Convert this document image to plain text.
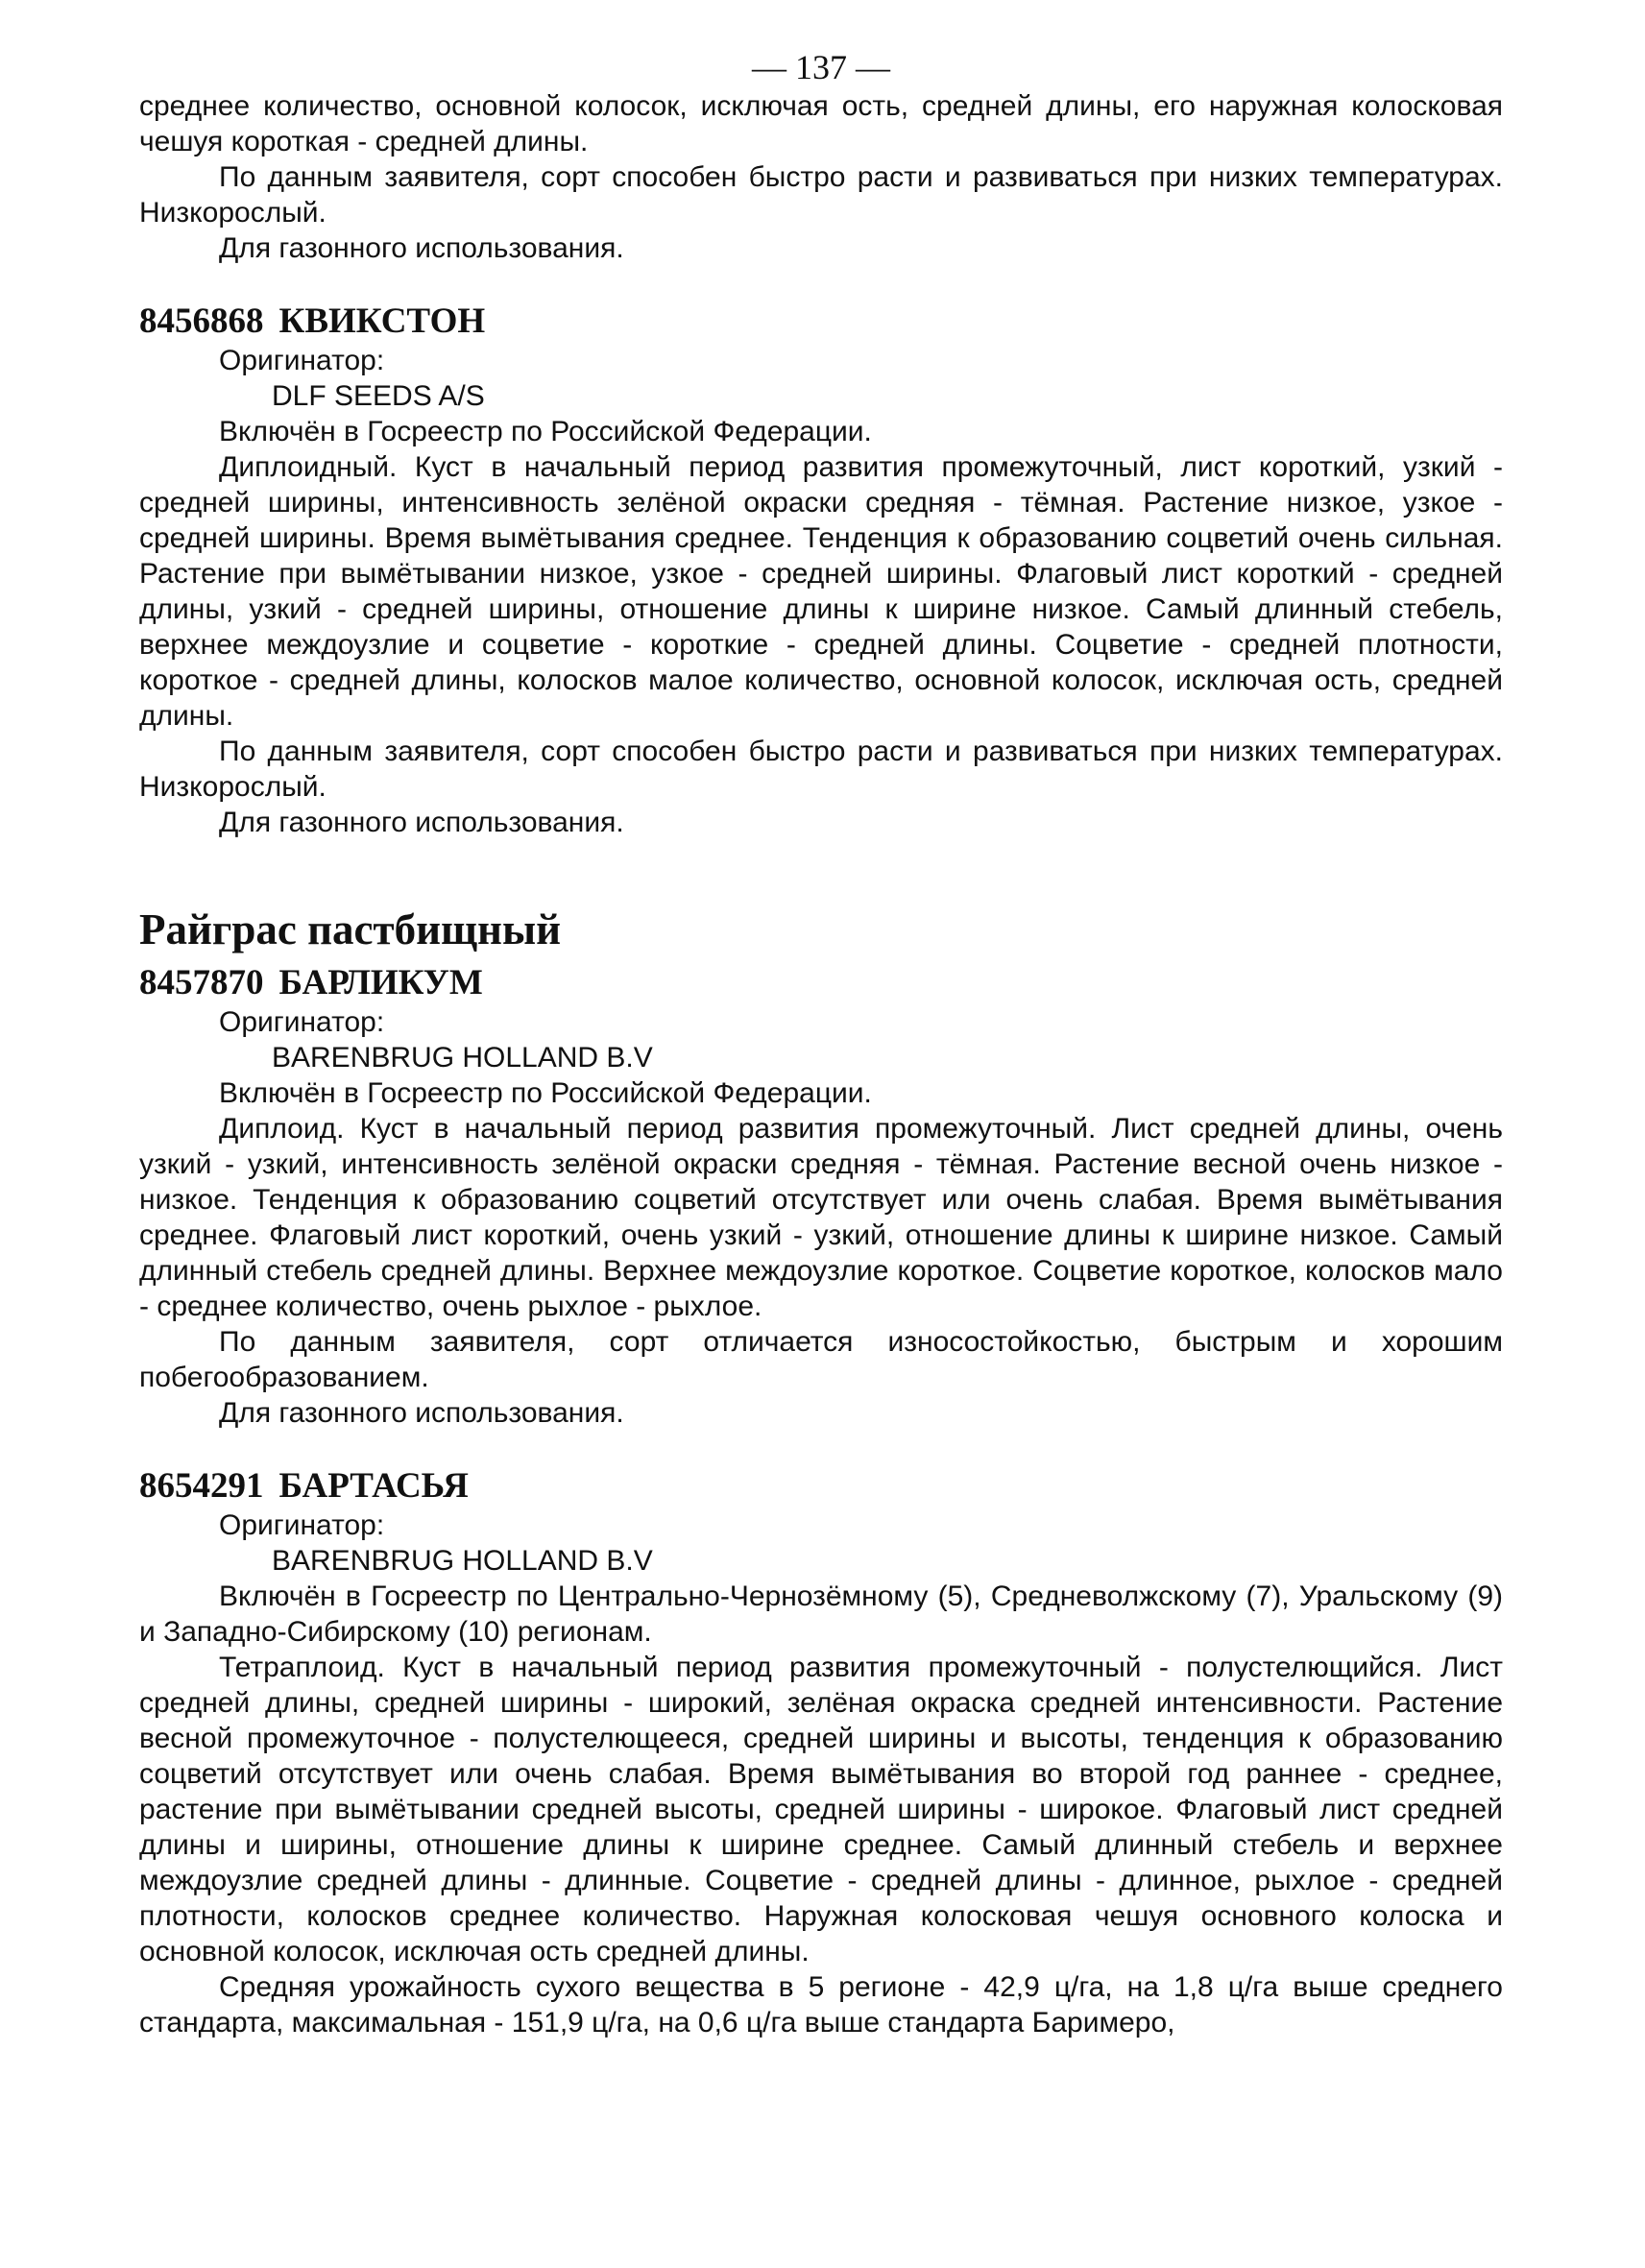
— 137 —

среднее количество, основной колосок, исключая ость, средней длины, его наружная колосковая чешуя короткая - средней длины.

По данным заявителя, сорт способен быстро расти и развиваться при низких температурах. Низкорослый.

Для газонного использования.

8456868 КВИКСТОН

Оригинатор:

DLF SEEDS A/S

Включён в Госреестр по Российской Федерации.

Диплоидный. Куст в начальный период развития промежуточный, лист короткий, узкий - средней ширины, интенсивность зелёной окраски средняя - тёмная. Растение низкое, узкое - средней ширины. Время вымётывания среднее. Тенденция к образованию соцветий очень сильная. Растение при вымётывании низкое, узкое - средней ширины. Флаговый лист короткий - средней длины, узкий - средней ширины, отношение длины к ширине низкое. Самый длинный стебель, верхнее междоузлие и соцветие - короткие - средней длины. Соцветие - средней плотности, короткое - средней длины, колосков малое количество, основной колосок, исключая ость, средней длины.

По данным заявителя, сорт способен быстро расти и развиваться при низких температурах. Низкорослый.

Для газонного использования.

Райграс пастбищный
8457870 БАРЛИКУМ

Оригинатор:

BARENBRUG HOLLAND B.V

Включён в Госреестр по Российской Федерации.

Диплоид. Куст в начальный период развития промежуточный. Лист средней длины, очень узкий - узкий, интенсивность зелёной окраски средняя - тёмная. Растение весной очень низкое - низкое. Тенденция к образованию соцветий отсутствует или очень слабая. Время вымётывания среднее. Флаговый лист короткий, очень узкий - узкий, отношение длины к ширине низкое. Самый длинный стебель средней длины. Верхнее междоузлие короткое. Соцветие короткое, колосков мало - среднее количество, очень рыхлое - рыхлое.

По данным заявителя, сорт отличается износостойкостью, быстрым и хорошим побегообразованием.

Для газонного использования.

8654291 БАРТАСЬЯ

Оригинатор:

BARENBRUG HOLLAND B.V

Включён в Госреестр по Центрально-Чернозёмному (5), Средневолжскому (7), Уральскому (9) и Западно-Сибирскому (10) регионам.

Тетраплоид. Куст в начальный период развития промежуточный - полустелющийся. Лист средней длины, средней ширины - широкий, зелёная окраска средней интенсивности. Растение весной промежуточное - полустелющееся, средней ширины и высоты, тенденция к образованию соцветий отсутствует или очень слабая. Время вымётывания во второй год раннее - среднее, растение при вымётывании средней высоты, средней ширины - широкое. Флаговый лист средней длины и ширины, отношение длины к ширине среднее. Самый длинный стебель и верхнее междоузлие средней длины - длинные. Соцветие - средней длины - длинное, рыхлое - средней плотности, колосков среднее количество. Наружная колосковая чешуя основного колоска и основной колосок, исключая ость средней длины.

Средняя урожайность сухого вещества в 5 регионе - 42,9 ц/га, на 1,8 ц/га выше среднего стандарта, максимальная - 151,9 ц/га, на 0,6 ц/га выше стандарта Баримеро,
